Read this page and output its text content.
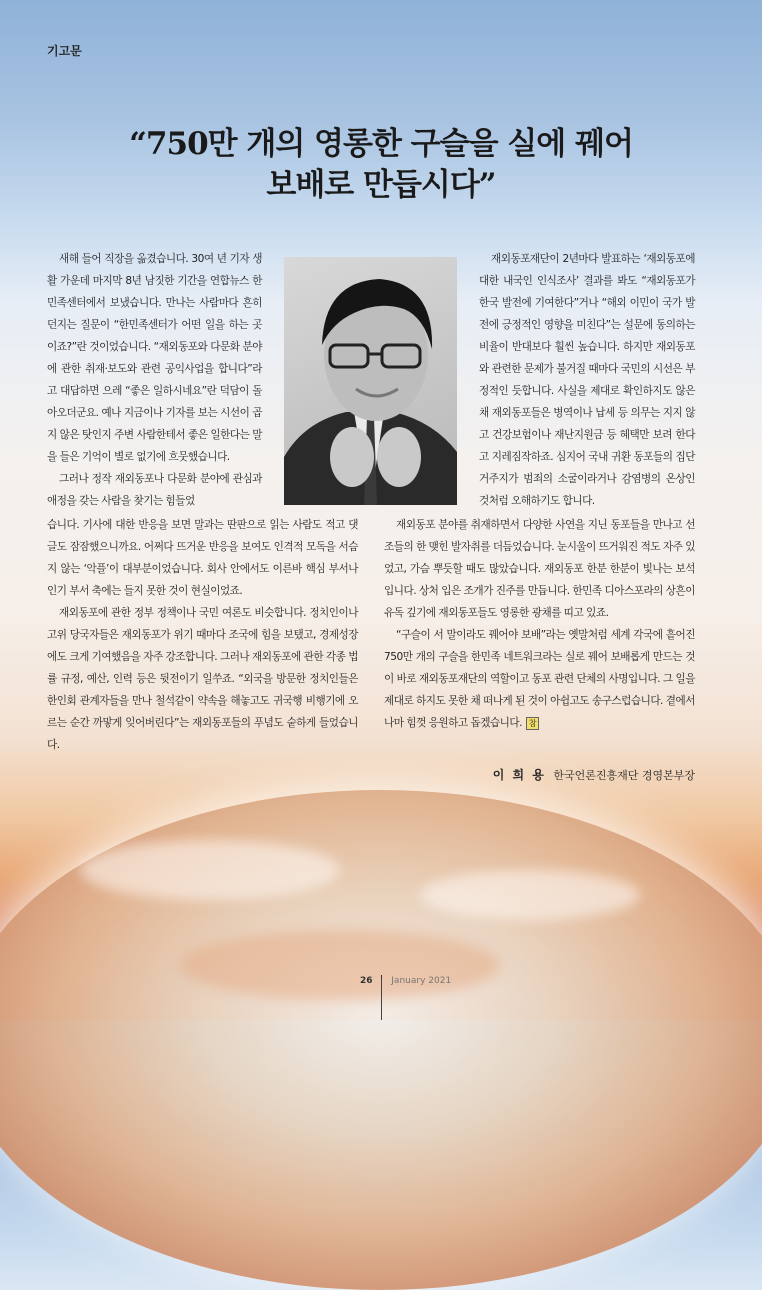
기고문
“750만 개의 영롱한 구슬을 실에 꿰어
보배로 만듭시다”

새해 들어 직장을 옮겼습니다. 30여 년 기자 생활 가운데 마지막 8년 남짓한 기간을 연합뉴스 한민족센터에서 보냈습니다. 만나는 사람마다 흔히 던지는 질문이 “한민족센터가 어떤 일을 하는 곳이죠?”란 것이었습니다. “재외동포와 다문화 분야에 관한 취재·보도와 관련 공익사업을 합니다”라고 대답하면 으레 “좋은 일하시네요”란 덕담이 돌아오더군요. 예나 지금이나 기자를 보는 시선이 곱지 않은 탓인지 주변 사람한테서 좋은 일한다는 말을 들은 기억이 별로 없기에 흐뭇했습니다.

그러나 정작 재외동포나 다문화 분야에 관심과 애정을 갖는 사람을 찾기는 힘들었

재외동포재단이 2년마다 발표하는 ‘재외동포에 대한 내국인 인식조사’ 결과를 봐도 “재외동포가 한국 발전에 기여한다”거나 “해외 이민이 국가 발전에 긍정적인 영향을 미친다”는 설문에 동의하는 비율이 반대보다 훨씬 높습니다. 하지만 재외동포와 관련한 문제가 불거질 때마다 국민의 시선은 부정적인 듯합니다. 사실을 제대로 확인하지도 않은 채 재외동포들은 병역이나 납세 등 의무는 지지 않고 건강보험이나 재난지원금 등 혜택만 보려 한다고 지레짐작하죠. 심지어 국내 귀환 동포들의 집단 거주지가 범죄의 소굴이라거나 감염병의 온상인 것처럼 오해하기도 합니다.

습니다. 기사에 대한 반응을 보면 말과는 딴판으로 읽는 사람도 적고 댓글도 잠잠했으니까요. 어쩌다 뜨거운 반응을 보여도 인격적 모독을 서슴지 않는 ‘악플’이 대부분이었습니다. 회사 안에서도 이른바 핵심 부서나 인기 부서 축에는 들지 못한 것이 현실이었죠.

재외동포에 관한 정부 정책이나 국민 여론도 비슷합니다. 정치인이나 고위 당국자들은 재외동포가 위기 때마다 조국에 힘을 보탰고, 경제성장에도 크게 기여했음을 자주 강조합니다. 그러나 재외동포에 관한 각종 법률 규정, 예산, 인력 등은 뒷전이기 일쑤죠. “외국을 방문한 정치인들은 한인회 관계자들을 만나 철석같이 약속을 해놓고도 귀국행 비행기에 오르는 순간 까맣게 잊어버린다”는 재외동포들의 푸념도 숱하게 들었습니다.

재외동포 분야를 취재하면서 다양한 사연을 지닌 동포들을 만나고 선조들의 한 맺힌 발자취를 더듬었습니다. 눈시울이 뜨거워진 적도 자주 있었고, 가슴 뿌듯할 때도 많았습니다. 재외동포 한분 한분이 빛나는 보석입니다. 상처 입은 조개가 진주를 만듭니다. 한민족 디아스포라의 상흔이 유독 깊기에 재외동포들도 영롱한 광채를 띠고 있죠.

“구슬이 서 말이라도 꿰어야 보배”라는 옛말처럼 세계 각국에 흩어진 750만 개의 구슬을 한민족 네트워크라는 실로 꿰어 보배롭게 만드는 것이 바로 재외동포재단의 역할이고 동포 관련 단체의 사명입니다. 그 일을 제대로 하지도 못한 채 떠나게 된 것이 아쉽고도 송구스럽습니다. 곁에서나마 힘껏 응원하고 돕겠습니다. 참

이 희 용 한국언론진흥재단 경영본부장
26 January 2021
